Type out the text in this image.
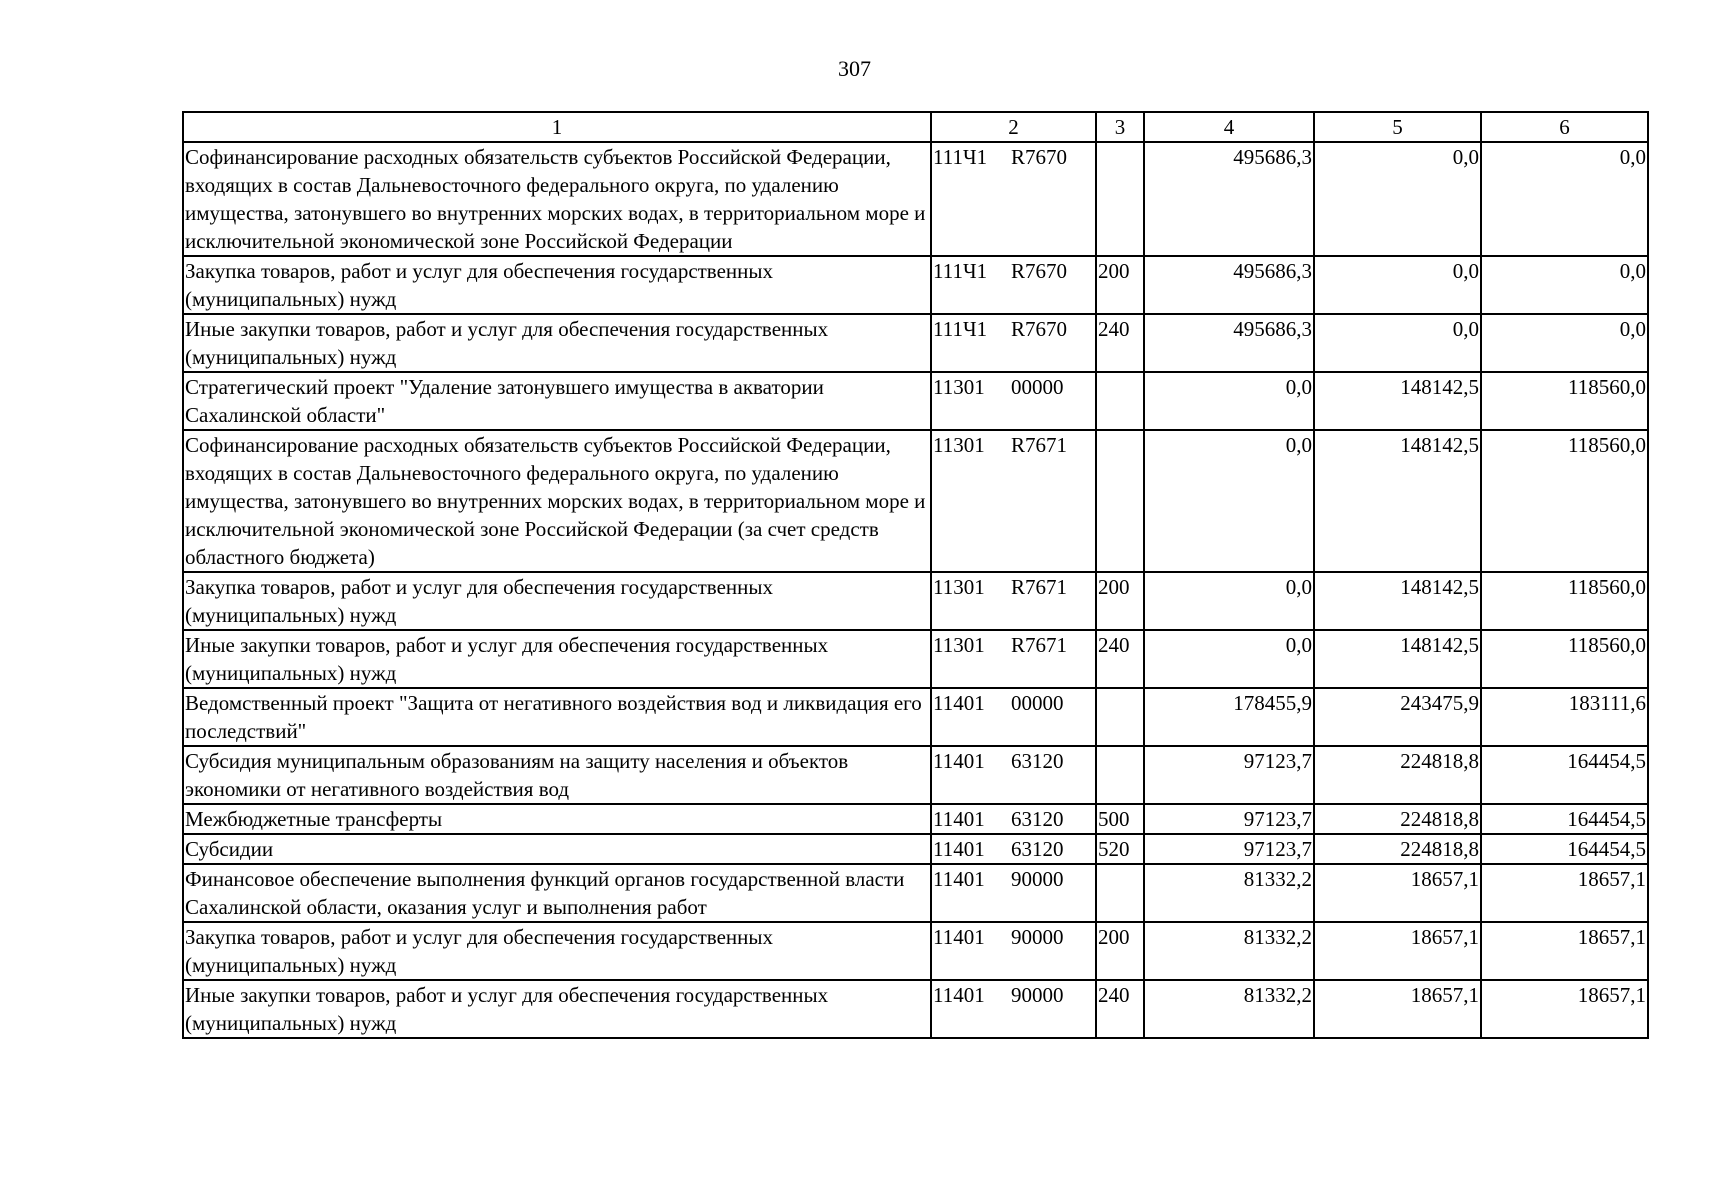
307
1	2	3	4	5	6
Софинансирование расходных обязательств субъектов Российской Федерации, входящих в состав Дальневосточного федерального округа, по удалению имущества, затонувшего во внутренних морских водах, в территориальном море и исключительной экономической зоне Российской Федерации	111Ч1 R7670		495686,3	0,0	0,0
Закупка товаров, работ и услуг для обеспечения государственных (муниципальных) нужд	111Ч1 R7670	200	495686,3	0,0	0,0
Иные закупки товаров, работ и услуг для обеспечения государственных (муниципальных) нужд	111Ч1 R7670	240	495686,3	0,0	0,0
Стратегический проект "Удаление затонувшего имущества в акватории Сахалинской области"	11301 00000		0,0	148142,5	118560,0
Софинансирование расходных обязательств субъектов Российской Федерации, входящих в состав Дальневосточного федерального округа, по удалению имущества, затонувшего во внутренних морских водах, в территориальном море и исключительной экономической зоне Российской Федерации (за счет средств областного бюджета)	11301 R7671		0,0	148142,5	118560,0
Закупка товаров, работ и услуг для обеспечения государственных (муниципальных) нужд	11301 R7671	200	0,0	148142,5	118560,0
Иные закупки товаров, работ и услуг для обеспечения государственных (муниципальных) нужд	11301 R7671	240	0,0	148142,5	118560,0
Ведомственный проект "Защита от негативного воздействия вод и ликвидация его последствий"	11401 00000		178455,9	243475,9	183111,6
Субсидия муниципальным образованиям на защиту населения и объектов экономики от негативного воздействия вод	11401 63120		97123,7	224818,8	164454,5
Межбюджетные трансферты	11401 63120	500	97123,7	224818,8	164454,5
Субсидии	11401 63120	520	97123,7	224818,8	164454,5
Финансовое обеспечение выполнения функций органов государственной власти Сахалинской области, оказания услуг и выполнения работ	11401 90000		81332,2	18657,1	18657,1
Закупка товаров, работ и услуг для обеспечения государственных (муниципальных) нужд	11401 90000	200	81332,2	18657,1	18657,1
Иные закупки товаров, работ и услуг для обеспечения государственных (муниципальных) нужд	11401 90000	240	81332,2	18657,1	18657,1
